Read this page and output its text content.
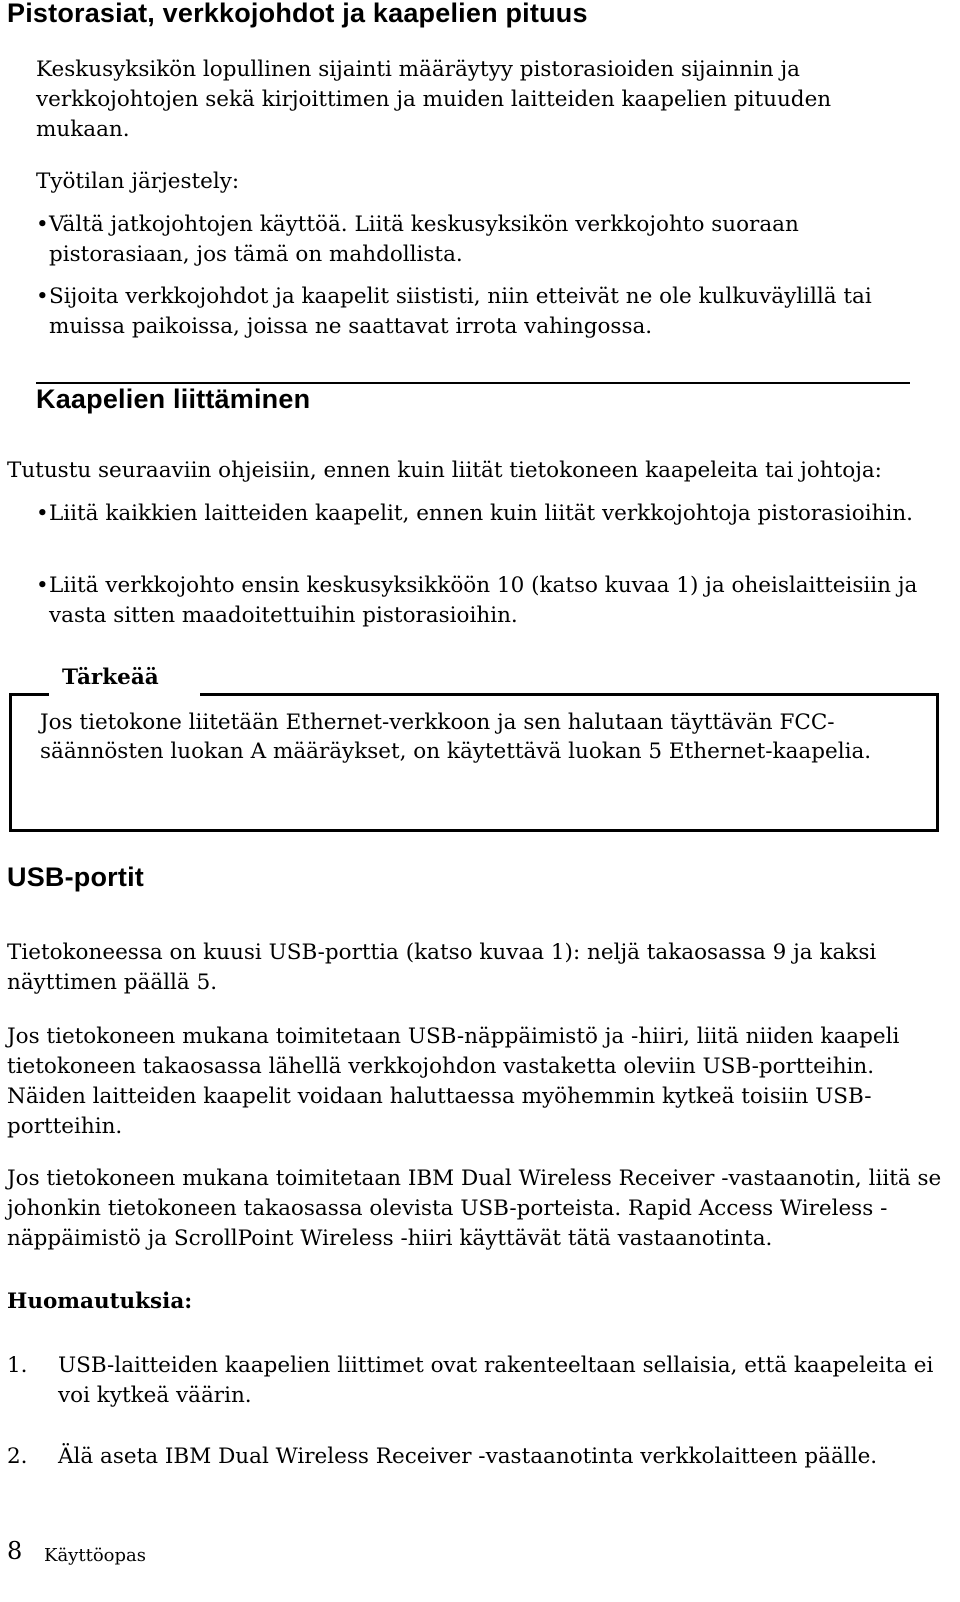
Pistorasiat, verkkojohdot ja kaapelien pituus
Keskusyksikön lopullinen sijainti määräytyy pistorasioiden sijainnin ja verkkojohtojen sekä kirjoittimen ja muiden laitteiden kaapelien pituuden mukaan.
Työtilan järjestely:
• Vältä jatkojohtojen käyttöä. Liitä keskusyksikön verkkojohto suoraan pistorasiaan, jos tämä on mahdollista.
• Sijoita verkkojohdot ja kaapelit siististi, niin etteivät ne ole kulkuväylillä tai muissa paikoissa, joissa ne saattavat irrota vahingossa.
Kaapelien liittäminen
Tutustu seuraaviin ohjeisiin, ennen kuin liität tietokoneen kaapeleita tai johtoja:
• Liitä kaikkien laitteiden kaapelit, ennen kuin liität verkkojohtoja pistorasioihin.
• Liitä verkkojohto ensin keskusyksikköön 10 (katso kuvaa 1) ja oheislaitteisiin ja vasta sitten maadoitettuihin pistorasioihin.
Tärkeää
Jos tietokone liitetään Ethernet-verkkoon ja sen halutaan täyttävän FCC-säännösten luokan A määräykset, on käytettävä luokan 5 Ethernet-kaapelia.
USB-portit
Tietokoneessa on kuusi USB-porttia (katso kuvaa 1): neljä takaosassa 9 ja kaksi näyttimen päällä 5.
Jos tietokoneen mukana toimitetaan USB-näppäimistö ja -hiiri, liitä niiden kaapeli tietokoneen takaosassa lähellä verkkojohdon vastaketta oleviin USB-portteihin. Näiden laitteiden kaapelit voidaan haluttaessa myöhemmin kytkeä toisiin USB-portteihin.
Jos tietokoneen mukana toimitetaan IBM Dual Wireless Receiver -vastaanotin, liitä se johonkin tietokoneen takaosassa olevista USB-porteista. Rapid Access Wireless -näppäimistö ja ScrollPoint Wireless -hiiri käyttävät tätä vastaanotinta.
Huomautuksia:
1. USB-laitteiden kaapelien liittimet ovat rakenteeltaan sellaisia, että kaapeleita ei voi kytkeä väärin.
2. Älä aseta IBM Dual Wireless Receiver -vastaanotinta verkkolaitteen päälle.
8 Käyttöopas
